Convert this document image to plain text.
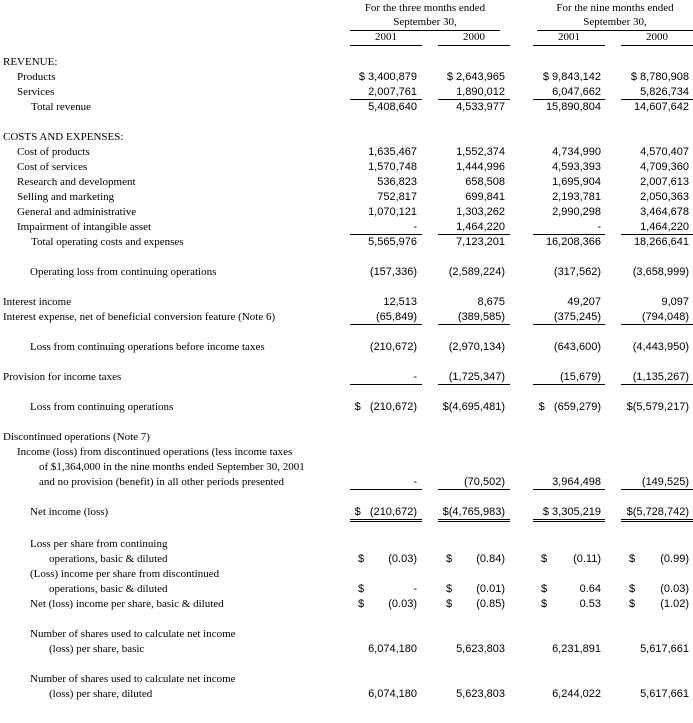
For the three months ended
September 30,
For the nine months ended
September 30,
2001	2000	2001	2000
REVENUE:
Products	$ 3,400,879	$ 2,643,965	$ 9,843,142	$ 8,780,908
Services	2,007,761	1,890,012	6,047,662	5,826,734
Total revenue	5,408,640	4,533,977	15,890,804	14,607,642
COSTS AND EXPENSES:
Cost of products	1,635,467	1,552,374	4,734,990	4,570,407
Cost of services	1,570,748	1,444,996	4,593,393	4,709,360
Research and development	536,823	658,508	1,695,904	2,007,613
Selling and marketing	752,817	699,841	2,193,781	2,050,363
General and administrative	1,070,121	1,303,262	2,990,298	3,464,678
Impairment of intangible asset	-	1,464,220	-	1,464,220
Total operating costs and expenses	5,565,976	7,123,201	16,208,366	18,266,641
Operating loss from continuing operations	(157,336)	(2,589,224)	(317,562)	(3,658,999)
Interest income	12,513	8,675	49,207	9,097
Interest expense, net of beneficial conversion feature (Note 6)	(65,849)	(389,585)	(375,245)	(794,048)
Loss from continuing operations before income taxes	(210,672)	(2,970,134)	(643,600)	(4,443,950)
Provision for income taxes	-	(1,725,347)	(15,679)	(1,135,267)
Loss from continuing operations	$   (210,672)	$(4,695,481)	$   (659,279)	$(5,579,217)
Discontinued operations (Note 7)
Income (loss) from discontinued operations (less income taxes
of $1,364,000 in the nine months ended September 30, 2001
and no provision (benefit) in all other periods presented	-	(70,502)	3,964,498	(149,525)
Net income (loss)	$   (210,672)	$(4,765,983)	$ 3,305,219	$(5,728,742)
Loss per share from continuing
operations, basic & diluted	$	(0.03)	$	(0.84)	$	(0.11)	$	(0.99)
(Loss) income per share from discontinued
operations, basic & diluted	$	-	$	(0.01)	$	0.64	$	(0.03)
Net (loss) income per share, basic & diluted	$	(0.03)	$	(0.85)	$	0.53	$	(1.02)
Number of shares used to calculate net income
(loss) per share, basic	6,074,180	5,623,803	6,231,891	5,617,661
Number of shares used to calculate net income
(loss) per share, diluted	6,074,180	5,623,803	6,244,022	5,617,661
